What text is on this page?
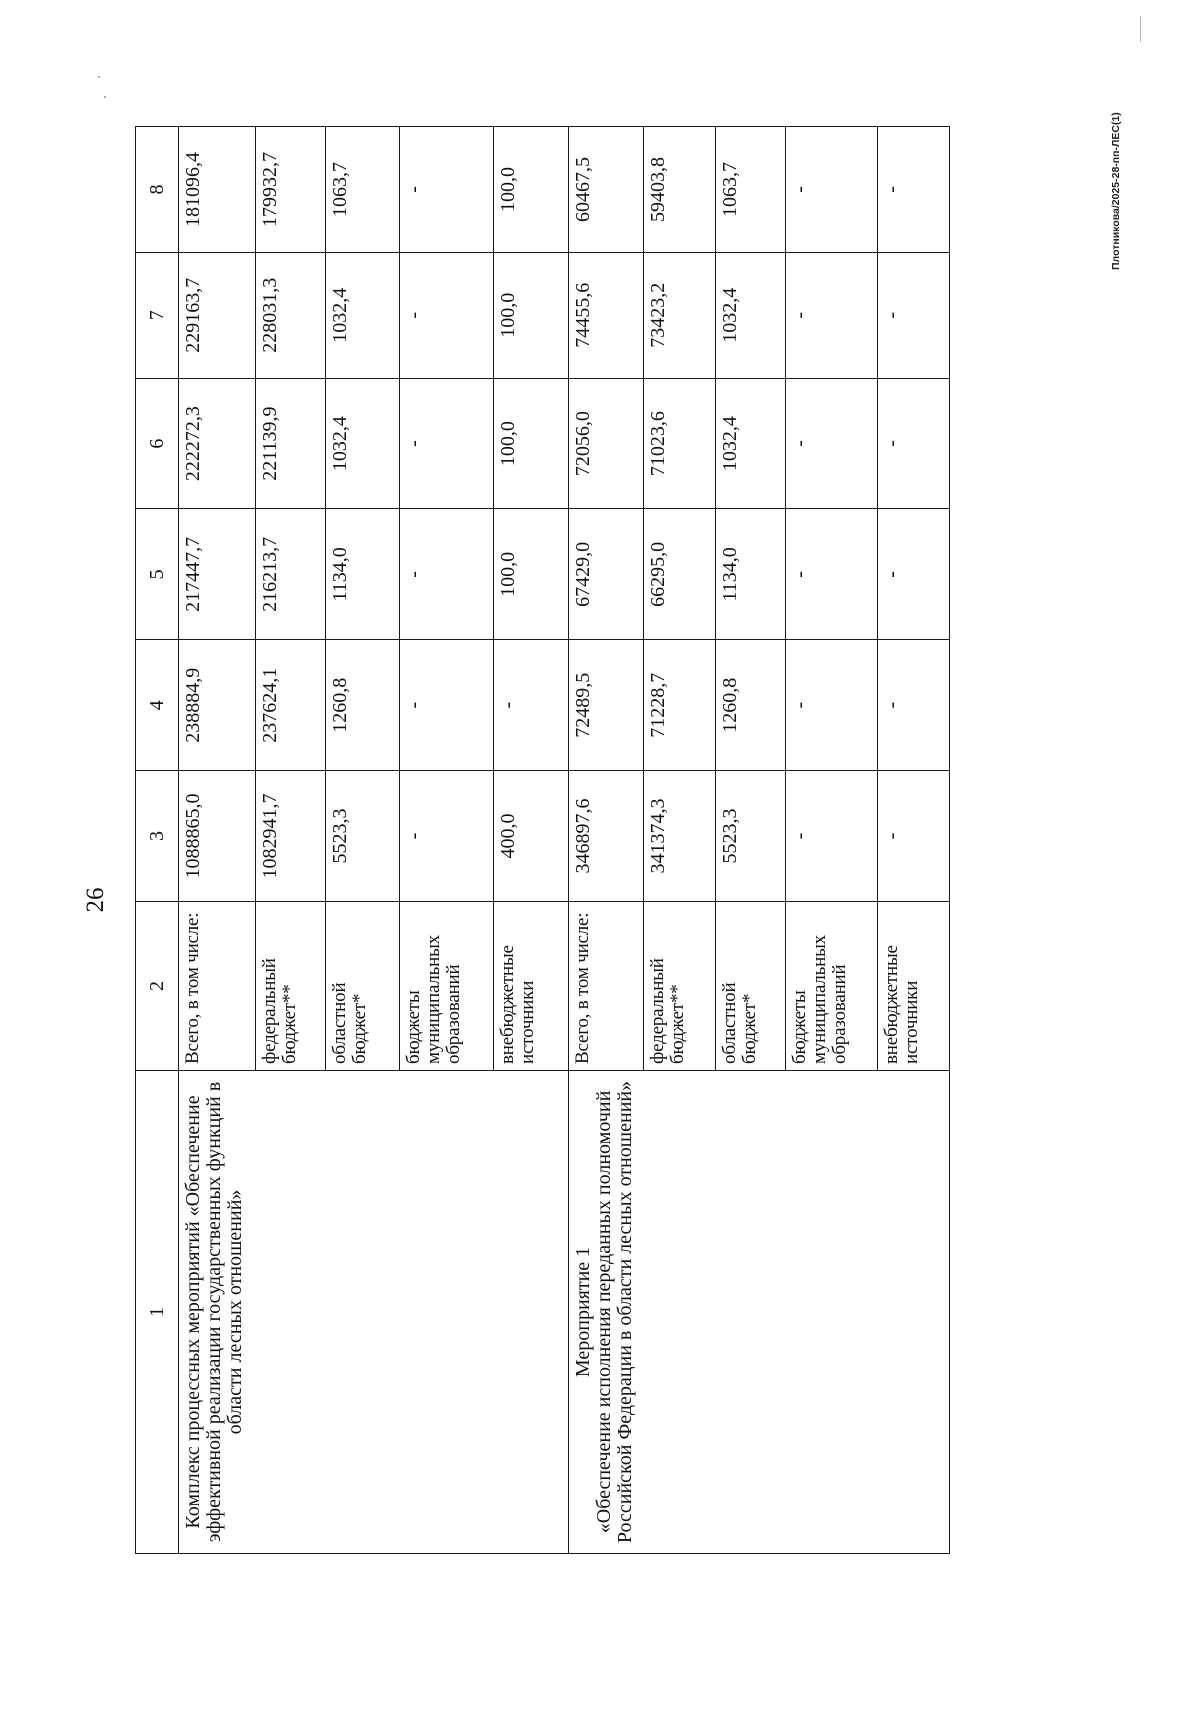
26
1	2	3	4	5	6	7	8
Комплекс процессных мероприятий «Обеспечение эффективной реализации государственных функций в области лесных отношений»	Всего, в том числе:	1088865,0	238884,9	217447,7	222272,3	229163,7	181096,4
	федеральный бюджет**	1082941,7	237624,1	216213,7	221139,9	228031,3	179932,7
	областной бюджет*	5523,3	1260,8	1134,0	1032,4	1032,4	1063,7
	бюджеты муниципальных образований	-	-	-	-	-	-
	внебюджетные источники	400,0	-	100,0	100,0	100,0	100,0

Мероприятие 1 «Обеспечение исполнения переданных полномочий Российской Федерации в области лесных отношений»	Всего, в том числе:	346897,6	72489,5	67429,0	72056,0	74455,6	60467,5
	федеральный бюджет**	341374,3	71228,7	66295,0	71023,6	73423,2	59403,8
	областной бюджет*	5523,3	1260,8	1134,0	1032,4	1032,4	1063,7
	бюджеты муниципальных образований	-	-	-	-	-	-
	внебюджетные источники	-	-	-	-	-	-	Плотникова/2025-28-пп-ЛЕС(1)
